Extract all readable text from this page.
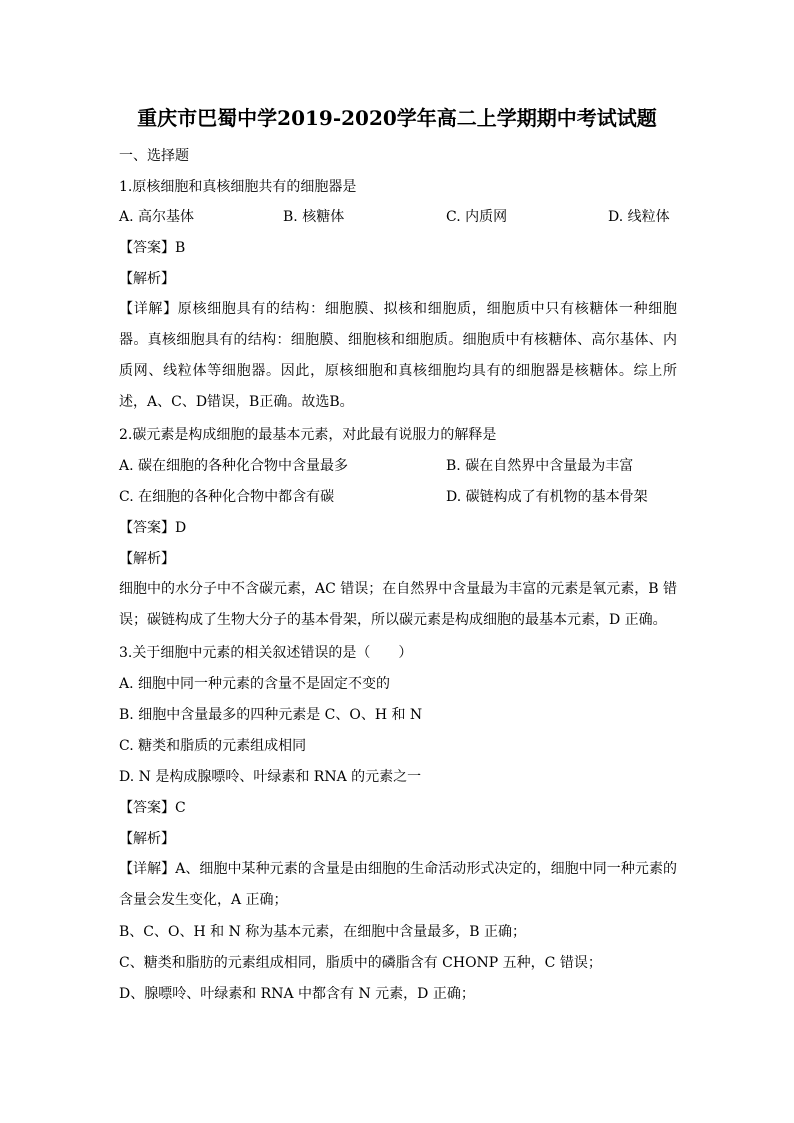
重庆市巴蜀中学2019-2020学年高二上学期期中考试试题
一、选择题
1.原核细胞和真核细胞共有的细胞器是
A. 高尔基体	B. 核糖体	C. 内质网	D. 线粒体
【答案】B
【解析】
【详解】原核细胞具有的结构：细胞膜、拟核和细胞质，细胞质中只有核糖体一种细胞器。真核细胞具有的结构：细胞膜、细胞核和细胞质。细胞质中有核糖体、高尔基体、内质网、线粒体等细胞器。因此，原核细胞和真核细胞均具有的细胞器是核糖体。综上所述，A、C、D错误，B正确。故选B。
2.碳元素是构成细胞的最基本元素，对此最有说服力的解释是
A. 碳在细胞的各种化合物中含量最多	B. 碳在自然界中含量最为丰富
C. 在细胞的各种化合物中都含有碳	D. 碳链构成了有机物的基本骨架
【答案】D
【解析】
细胞中的水分子中不含碳元素，AC 错误；在自然界中含量最为丰富的元素是氧元素，B 错误；碳链构成了生物大分子的基本骨架，所以碳元素是构成细胞的最基本元素，D 正确。
3.关于细胞中元素的相关叙述错误的是（　　）
A. 细胞中同一种元素的含量不是固定不变的
B. 细胞中含量最多的四种元素是 C、O、H 和 N
C. 糖类和脂质的元素组成相同
D. N 是构成腺嘌呤、叶绿素和 RNA 的元素之一
【答案】C
【解析】
【详解】A、细胞中某种元素的含量是由细胞的生命活动形式决定的，细胞中同一种元素的含量会发生变化，A 正确；
B、C、O、H 和 N 称为基本元素，在细胞中含量最多，B 正确；
C、糖类和脂肪的元素组成相同，脂质中的磷脂含有 CHONP 五种，C 错误；
D、腺嘌呤、叶绿素和 RNA 中都含有 N 元素，D 正确；
